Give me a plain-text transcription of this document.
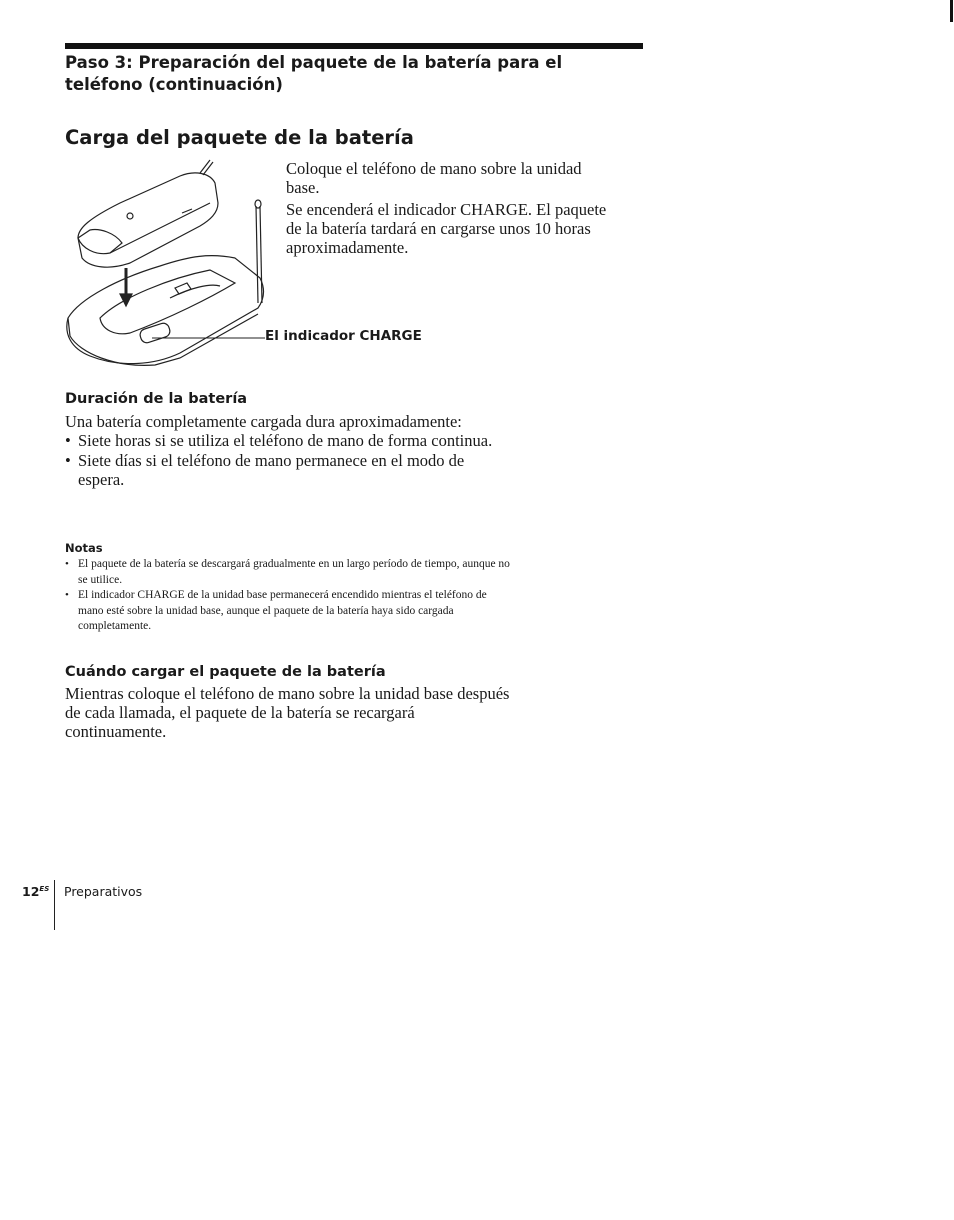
Paso 3: Preparación del paquete de la batería para el teléfono (continuación)
Carga del paquete de la batería
El indicador CHARGE

Coloque el teléfono de mano sobre la unidad base.

Se encenderá el indicador CHARGE. El paquete de la batería tardará en cargarse unos 10 horas aproximadamente.

Duración de la batería

Una batería completamente cargada dura aproximadamente:

• Siete horas si se utiliza el teléfono de mano de forma continua.
• Siete días si el teléfono de mano permanece en el modo de espera.
Notas
• El paquete de la batería se descargará gradualmente en un largo período de tiempo, aunque no se utilice.
• El indicador CHARGE de la unidad base permanecerá encendido mientras el teléfono de mano esté sobre la unidad base, aunque el paquete de la batería haya sido cargada completamente.
Cuándo cargar el paquete de la batería

Mientras coloque el teléfono de mano sobre la unidad base después de cada llamada, el paquete de la batería se recargará continuamente.

$12^{ES}$ Preparativos
